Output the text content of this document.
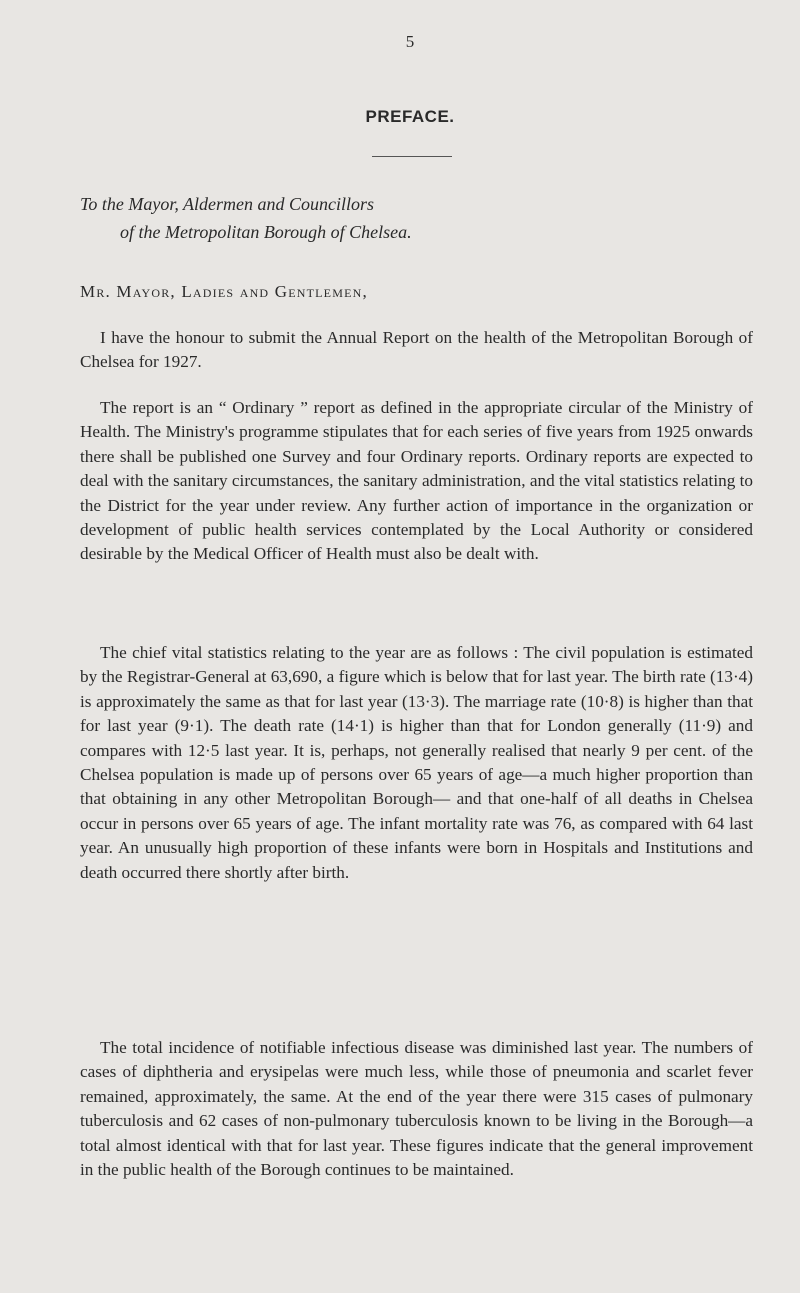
5
PREFACE.
To the Mayor, Aldermen and Councillors
of the Metropolitan Borough of Chelsea.
Mr. Mayor, Ladies and Gentlemen,

I have the honour to submit the Annual Report on the health of the Metropolitan Borough of Chelsea for 1927.

The report is an “ Ordinary ” report as defined in the appropriate circular of the Ministry of Health. The Ministry's programme stipulates that for each series of five years from 1925 onwards there shall be published one Survey and four Ordinary reports. Ordinary reports are expected to deal with the sanitary circumstances, the sanitary administration, and the vital statistics relating to the District for the year under review. Any further action of importance in the organization or development of public health services contemplated by the Local Authority or considered desirable by the Medical Officer of Health must also be dealt with.

The chief vital statistics relating to the year are as follows : The civil population is estimated by the Registrar-General at 63,690, a figure which is below that for last year. The birth rate (13·4) is approximately the same as that for last year (13·3). The marriage rate (10·8) is higher than that for last year (9·1). The death rate (14·1) is higher than that for London generally (11·9) and compares with 12·5 last year. It is, perhaps, not generally realised that nearly 9 per cent. of the Chelsea population is made up of persons over 65 years of age—a much higher proportion than that obtaining in any other Metropolitan Borough— and that one-half of all deaths in Chelsea occur in persons over 65 years of age. The infant mortality rate was 76, as compared with 64 last year. An unusually high proportion of these infants were born in Hospitals and Institutions and death occurred there shortly after birth.

The total incidence of notifiable infectious disease was diminished last year. The numbers of cases of diphtheria and erysipelas were much less, while those of pneumonia and scarlet fever remained, approximately, the same. At the end of the year there were 315 cases of pulmonary tuberculosis and 62 cases of non-pulmonary tuberculosis known to be living in the Borough—a total almost identical with that for last year. These figures indicate that the general improvement in the public health of the Borough continues to be maintained.
